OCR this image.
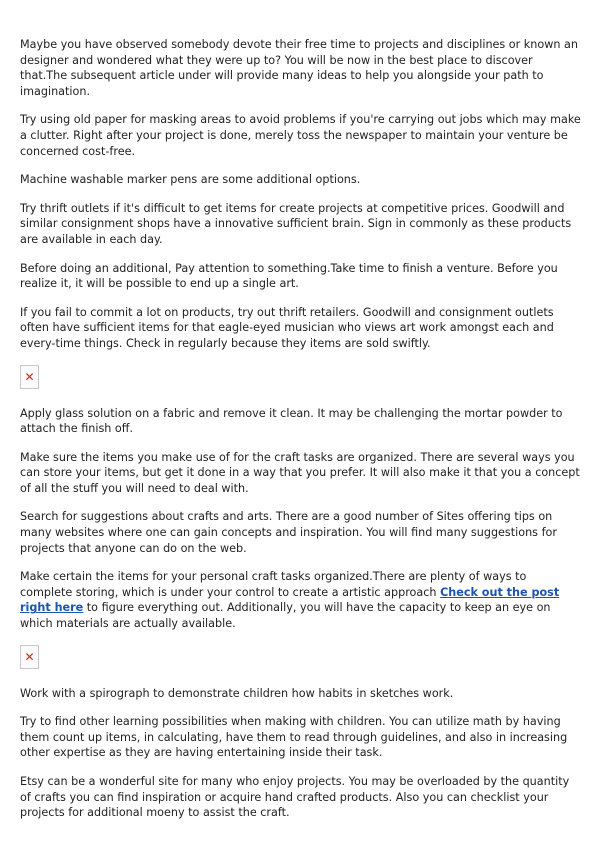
Maybe you have observed somebody devote their free time to projects and disciplines or known an designer and wondered what they were up to? You will be now in the best place to discover that.The subsequent article under will provide many ideas to help you alongside your path to imagination.

Try using old paper for masking areas to avoid problems if you're carrying out jobs which may make a clutter. Right after your project is done, merely toss the newspaper to maintain your venture be concerned cost-free.

Machine washable marker pens are some additional options.

Try thrift outlets if it's difficult to get items for create projects at competitive prices. Goodwill and similar consignment shops have a innovative sufficient brain. Sign in commonly as these products are available in each day.

Before doing an additional, Pay attention to something.Take time to finish a venture. Before you realize it, it will be possible to end up a single art.

If you fail to commit a lot on products, try out thrift retailers. Goodwill and consignment outlets often have sufficient items for that eagle-eyed musician who views art work amongst each and every-time things. Check in regularly because they items are sold swiftly.

✕

Apply glass solution on a fabric and remove it clean. It may be challenging the mortar powder to attach the finish off.

Make sure the items you make use of for the craft tasks are organized. There are several ways you can store your items, but get it done in a way that you prefer. It will also make it that you a concept of all the stuff you will need to deal with.

Search for suggestions about crafts and arts. There are a good number of Sites offering tips on many websites where one can gain concepts and inspiration. You will find many suggestions for projects that anyone can do on the web.

Make certain the items for your personal craft tasks organized.There are plenty of ways to complete storing, which is under your control to create a artistic approach Check out the post right here to figure everything out. Additionally, you will have the capacity to keep an eye on which materials are actually available.

✕

Work with a spirograph to demonstrate children how habits in sketches work.

Try to find other learning possibilities when making with children. You can utilize math by having them count up items, in calculating, have them to read through guidelines, and also in increasing other expertise as they are having entertaining inside their task.

Etsy can be a wonderful site for many who enjoy projects. You may be overloaded by the quantity of crafts you can find inspiration or acquire hand crafted products. Also you can checklist your projects for additional moeny to assist the craft.
